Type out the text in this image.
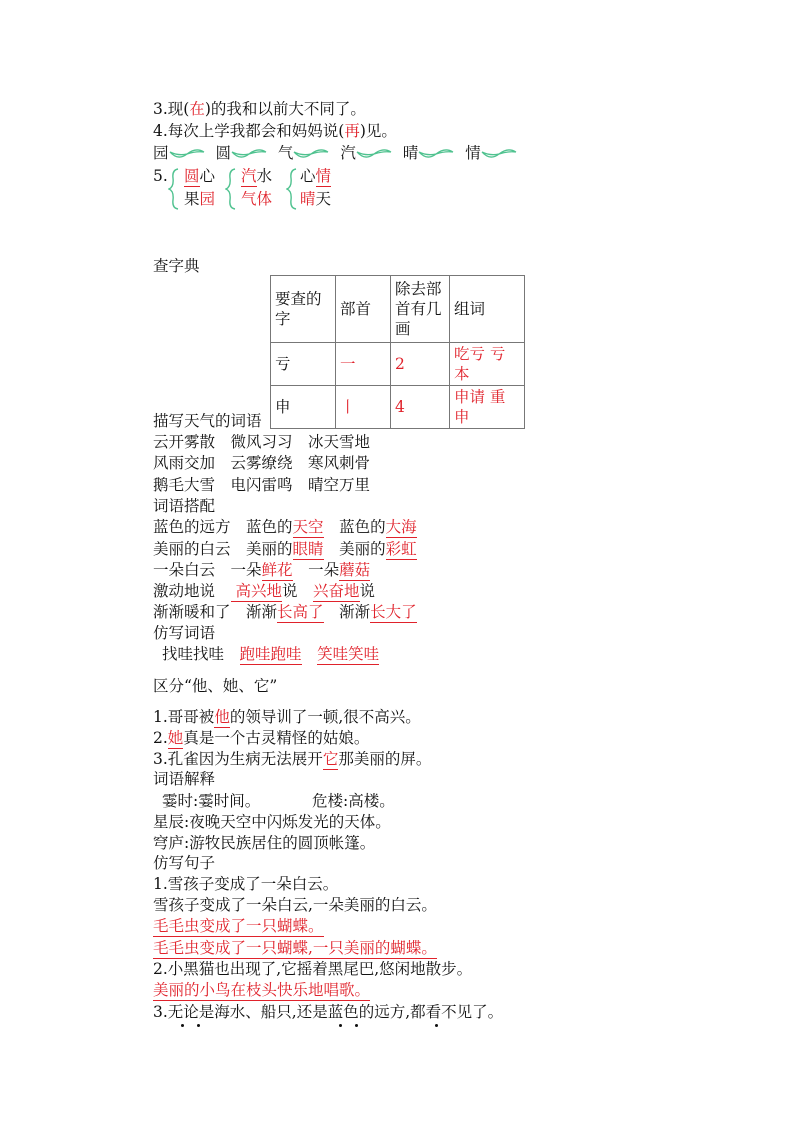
3.现(在)的我和以前大不同了。
4.每次上学我都会和妈妈说(再)见。
园	圆	气	汽	晴	情
5. 圆心
果园
汽水
气体
心情
晴天
查字典
要查的字	部首	除去部首有几画	组词
亏	一	2	吃亏 亏本
申	丨	4	申请 重申
描写天气的词语
云开雾散　微风习习　冰天雪地
风雨交加　云雾缭绕　寒风刺骨
鹅毛大雪　电闪雷鸣　晴空万里
词语搭配
蓝色的远方　 蓝色的天空　 蓝色的大海
美丽的白云　 美丽的眼睛　 美丽的彩虹
一朵白云　 一朵鲜花　 一朵蘑菇
激动地说　 高兴地说　 兴奋地说
渐渐暖和了　 渐渐长高了　 渐渐长大了
仿写词语
找哇找哇　 跑哇跑哇　 笑哇笑哇
区分“他、她、它”
1.哥哥被他的领导训了一顿,很不高兴。
2.她真是一个古灵精怪的姑娘。
3.孔雀因为生病无法展开它那美丽的屏。
词语解释
霎时:霎时间。	危楼:高楼。
星辰:夜晚天空中闪烁发光的天体。
穹庐:游牧民族居住的圆顶帐篷。
仿写句子
1.雪孩子变成了一朵白云。
雪孩子变成了一朵白云,一朵美丽的白云。
毛毛虫变成了一只蝴蝶。
毛毛虫变成了一只蝴蝶,一只美丽的蝴蝶。
2.小黑猫也出现了,它摇着黑尾巴,悠闲地散步。
美丽的小鸟在枝头快乐地唱歌。
3.无论是海水、船只,还是蓝色的远方,都看不见了。
